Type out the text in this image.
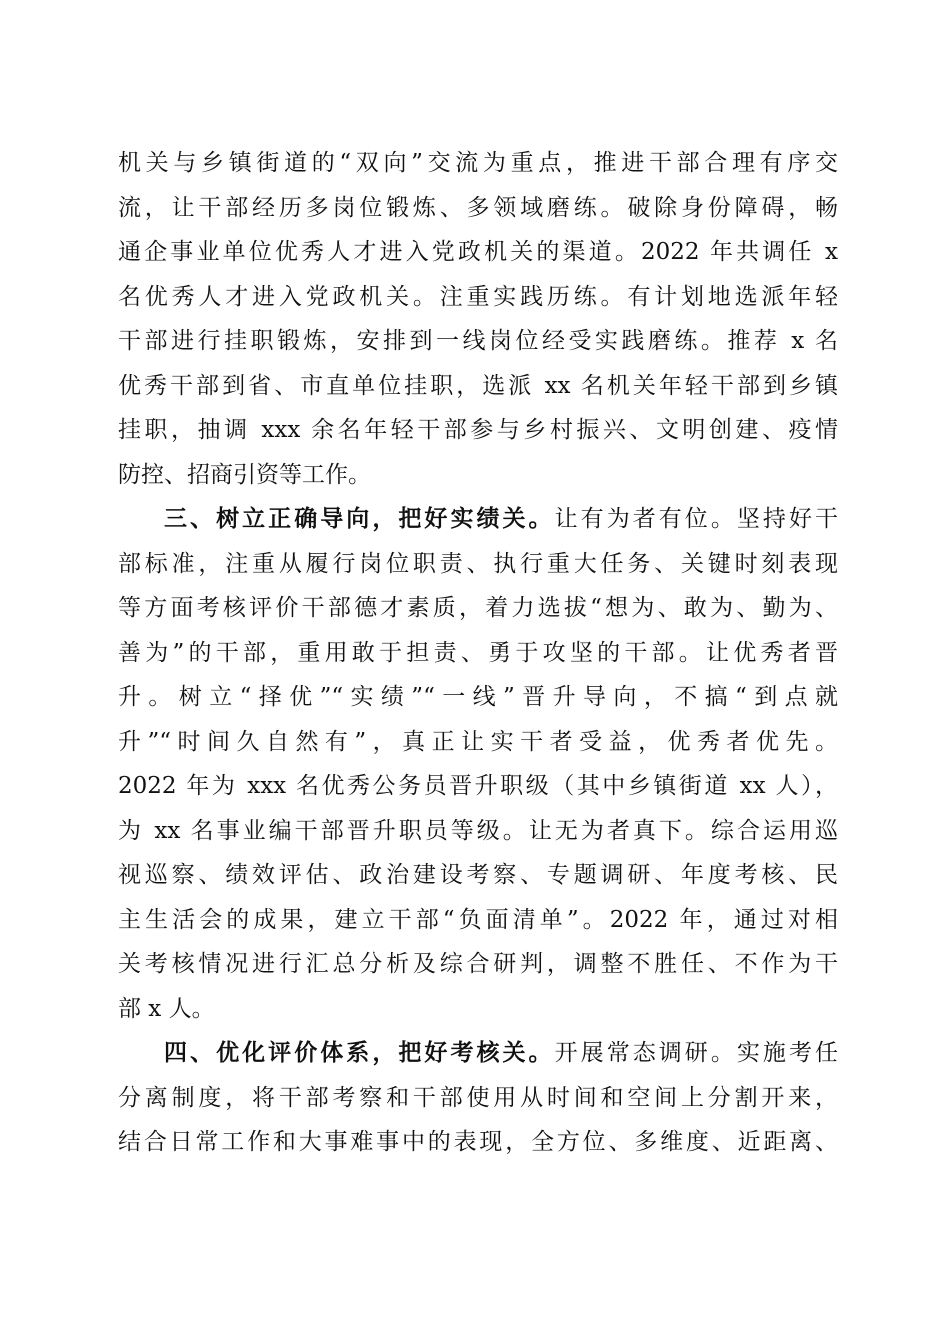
机关与乡镇街道的“双向”交流为重点，推进干部合理有序交
流，让干部经历多岗位锻炼、多领域磨练。破除身份障碍，畅
通企事业单位优秀人才进入党政机关的渠道。2022 年共调任 x
名优秀人才进入党政机关。注重实践历练。有计划地选派年轻
干部进行挂职锻炼，安排到一线岗位经受实践磨练。推荐 x 名
优秀干部到省、市直单位挂职，选派 xx 名机关年轻干部到乡镇
挂职，抽调 xxx 余名年轻干部参与乡村振兴、文明创建、疫情
防控、招商引资等工作。

三、树立正确导向，把好实绩关。让有为者有位。坚持好干
部标准，注重从履行岗位职责、执行重大任务、关键时刻表现
等方面考核评价干部德才素质，着力选拔“想为、敢为、勤为、
善为”的干部，重用敢于担责、勇于攻坚的干部。让优秀者晋
升。树立“择优”“实绩”“一线”晋升导向，不搞“到点就
升”“时间久自然有”，真正让实干者受益，优秀者优先。
2022 年为 xxx 名优秀公务员晋升职级（其中乡镇街道 xx 人），
为 xx 名事业编干部晋升职员等级。让无为者真下。综合运用巡
视巡察、绩效评估、政治建设考察、专题调研、年度考核、民
主生活会的成果，建立干部“负面清单”。2022 年，通过对相
关考核情况进行汇总分析及综合研判，调整不胜任、不作为干
部 x 人。

四、优化评价体系，把好考核关。开展常态调研。实施考任
分离制度，将干部考察和干部使用从时间和空间上分割开来，
结合日常工作和大事难事中的表现，全方位、多维度、近距离、
